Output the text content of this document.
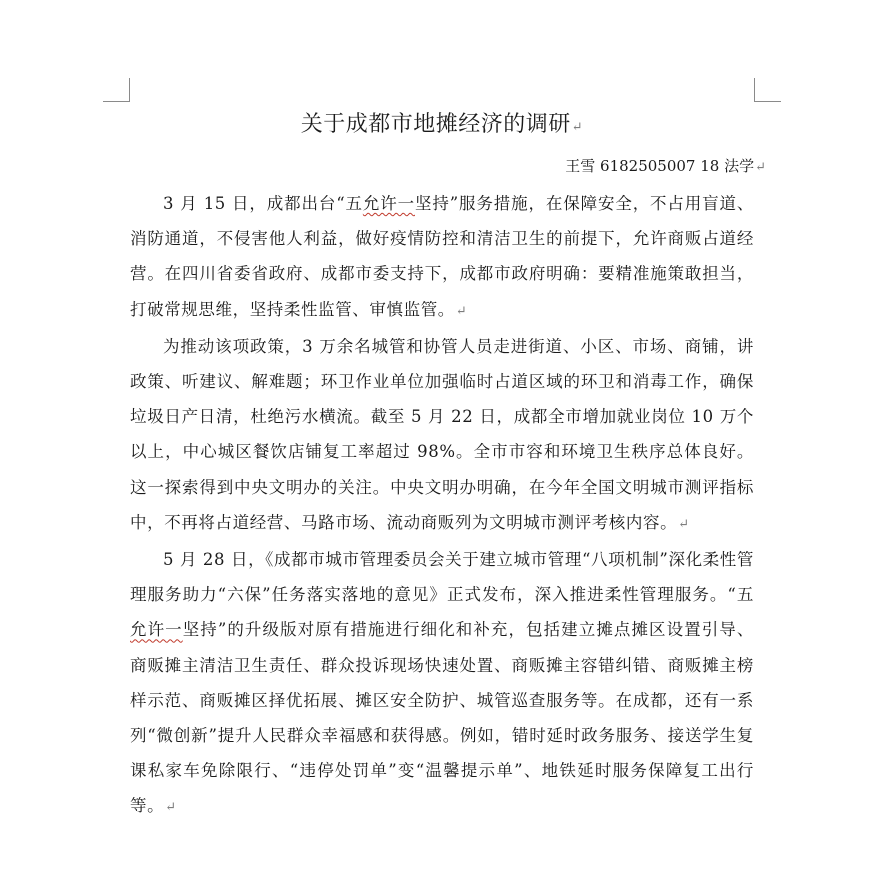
关于成都市地摊经济的调研↵
王雪 6182505007 18 法学↵

3 月 15 日，成都出台“五允许一坚持”服务措施，在保障安全，不占用盲道、消防通道，不侵害他人利益，做好疫情防控和清洁卫生的前提下，允许商贩占道经营。在四川省委省政府、成都市委支持下，成都市政府明确：要精准施策敢担当，打破常规思维，坚持柔性监管、审慎监管。↵

为推动该项政策，3 万余名城管和协管人员走进街道、小区、市场、商铺，讲政策、听建议、解难题；环卫作业单位加强临时占道区域的环卫和消毒工作，确保垃圾日产日清，杜绝污水横流。截至 5 月 22 日，成都全市增加就业岗位 10 万个以上，中心城区餐饮店铺复工率超过 98%。全市市容和环境卫生秩序总体良好。这一探索得到中央文明办的关注。中央文明办明确，在今年全国文明城市测评指标中，不再将占道经营、马路市场、流动商贩列为文明城市测评考核内容。↵

5 月 28 日，《成都市城市管理委员会关于建立城市管理“八项机制”深化柔性管理服务助力“六保”任务落实落地的意见》正式发布，深入推进柔性管理服务。“五允许一坚持”的升级版对原有措施进行细化和补充，包括建立摊点摊区设置引导、商贩摊主清洁卫生责任、群众投诉现场快速处置、商贩摊主容错纠错、商贩摊主榜样示范、商贩摊区择优拓展、摊区安全防护、城管巡查服务等。在成都，还有一系列“微创新”提升人民群众幸福感和获得感。例如，错时延时政务服务、接送学生复课私家车免除限行、“违停处罚单”变“温馨提示单”、地铁延时服务保障复工出行等。↵
